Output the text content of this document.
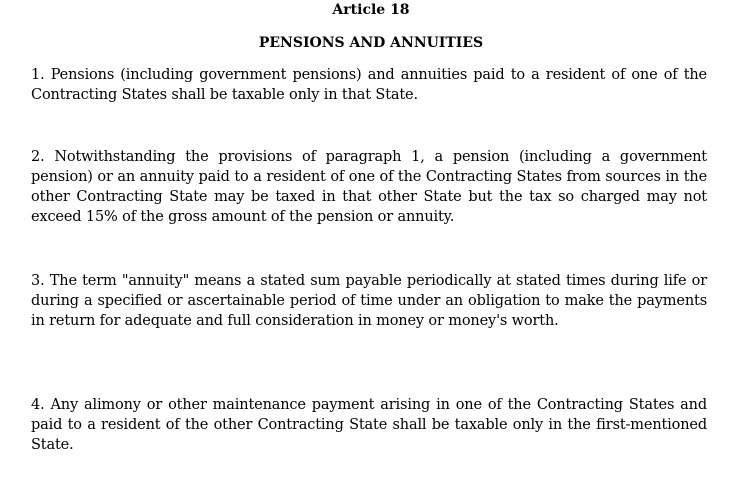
Article 18
PENSIONS AND ANNUITIES

1. Pensions (including government pensions) and annuities paid to a resident of one of the Contracting States shall be taxable only in that State.

2. Notwithstanding the provisions of paragraph 1, a pension (including a government pension) or an annuity paid to a resident of one of the Contracting States from sources in the other Contracting State may be taxed in that other State but the tax so charged may not exceed 15% of the gross amount of the pension or annuity.

3. The term "annuity" means a stated sum payable periodically at stated times during life or during a specified or ascertainable period of time under an obligation to make the payments in return for adequate and full consideration in money or money's worth.

4. Any alimony or other maintenance payment arising in one of the Contracting States and paid to a resident of the other Contracting State shall be taxable only in the first-mentioned State.
